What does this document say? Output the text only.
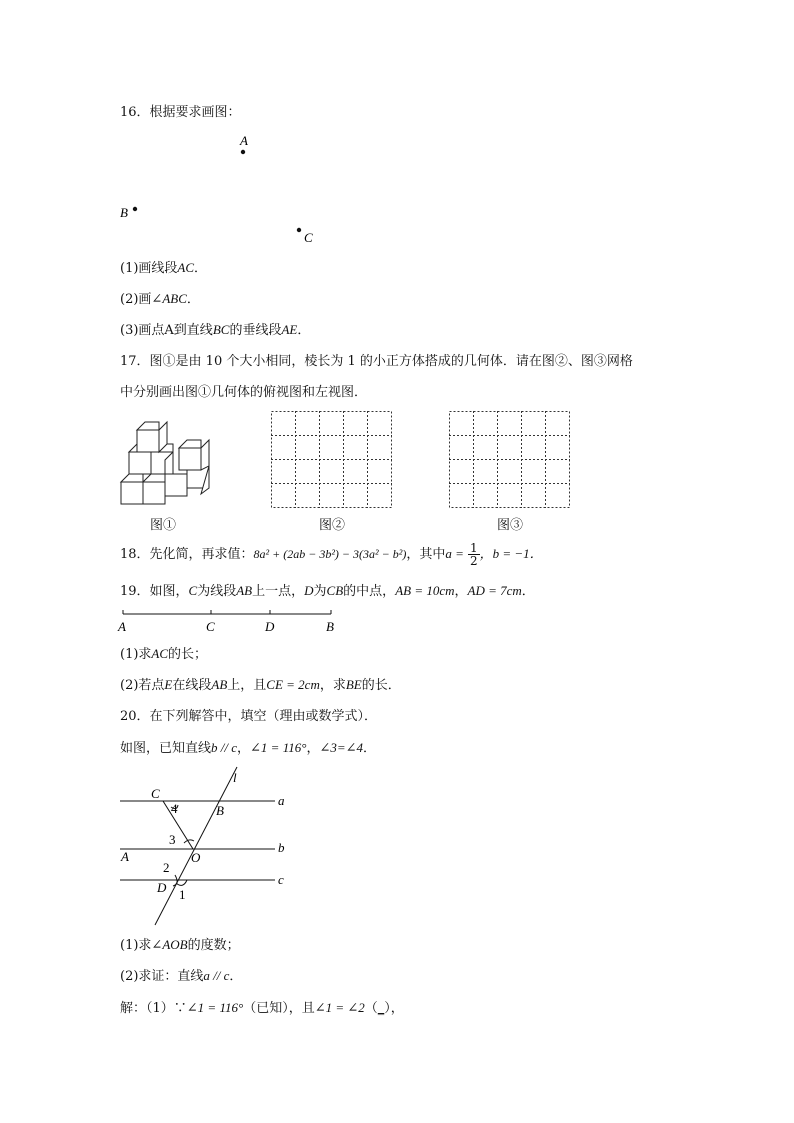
16．根据要求画图：
A
B
C
(1)画线段AC．
(2)画∠ABC．
(3)画点A到直线BC的垂线段AE．
17．图①是由 10 个大小相同，棱长为 1 的小正方体搭成的几何体．请在图②、图③网格
中分别画出图①几何体的俯视图和左视图．
图①	图②	图③
18．先化简，再求值：8a² + (2ab − 3b²) − 3(3a² − b²)，其中$a = \frac{1}{2}$ ，b = −1．
19．如图，C为线段AB上一点，D为CB的中点，AB = 10cm，AD = 7cm．
A	C	D	B
(1)求AC的长；
(2)若点E在线段AB上，且CE = 2cm，求BE的长．
20．在下列解答中，填空（理由或数学式）．
如图，已知直线b // c，∠1 = 116°，∠3=∠4．
l
C
4	B
a
3
A	O
b
2
D 1
c
(1)求∠AOB的度数；
(2)求证：直线a // c．
解：（1）∵∠1 = 116°（已知），且∠1 = ∠2（_），
